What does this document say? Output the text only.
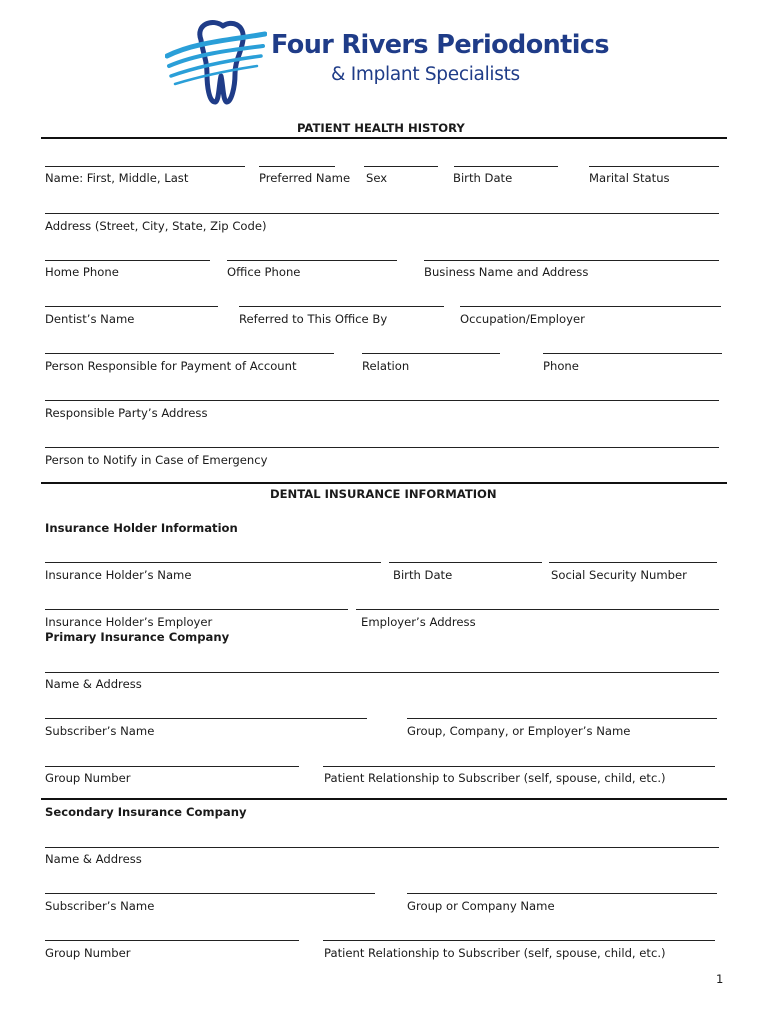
Four Rivers Periodontics
& Implant Specialists
PATIENT HEALTH HISTORY
Name: First, Middle, Last	Preferred Name Sex	Birth Date	Marital Status
Address (Street, City, State, Zip Code)
Home Phone	Office Phone	Business Name and Address
Dentist’s Name	Referred to This Office By	Occupation/Employer
Person Responsible for Payment of Account	Relation	Phone
Responsible Party’s Address
Person to Notify in Case of Emergency
DENTAL INSURANCE INFORMATION
Insurance Holder Information
Insurance Holder’s Name	Birth Date	Social Security Number
Insurance Holder’s Employer	Employer’s Address
Primary Insurance Company
Name & Address
Subscriber’s Name	Group, Company, or Employer’s Name
Group Number	Patient Relationship to Subscriber (self, spouse, child, etc.)
Secondary Insurance Company
Name & Address
Subscriber’s Name	Group or Company Name
Group Number	Patient Relationship to Subscriber (self, spouse, child, etc.)
1
